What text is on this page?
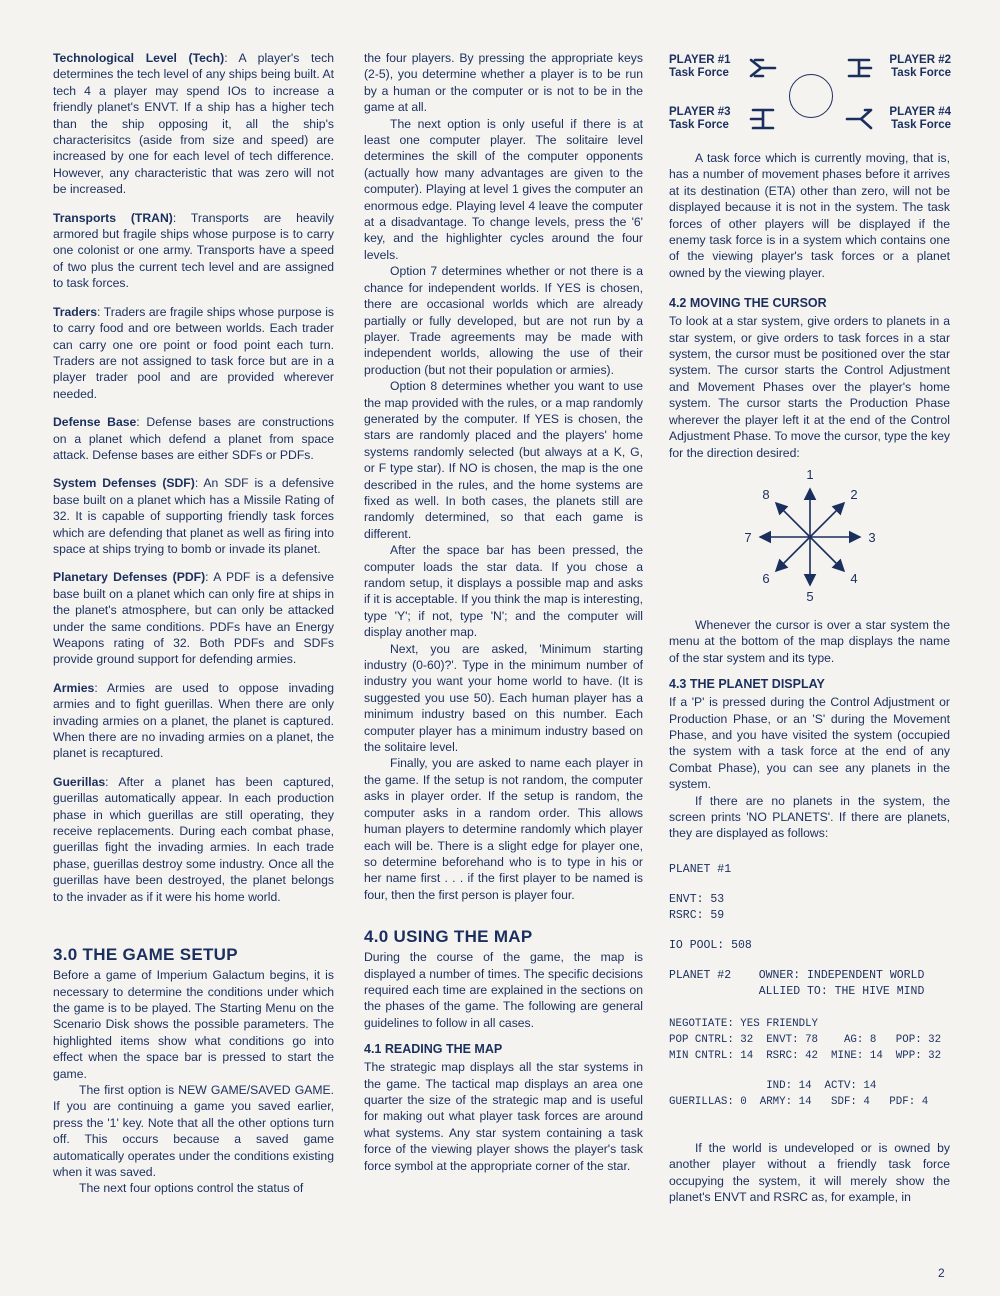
Technological Level (Tech): A player's tech determines the tech level of any ships being built. At tech 4 a player may spend IOs to increase a friendly planet's ENVT. If a ship has a higher tech than the ship opposing it, all the ship's characterisitcs (aside from size and speed) are increased by one for each level of tech difference. However, any characteristic that was zero will not be increased.

Transports (TRAN): Transports are heavily armored but fragile ships whose purpose is to carry one colonist or one army. Transports have a speed of two plus the current tech level and are assigned to task forces.

Traders: Traders are fragile ships whose purpose is to carry food and ore between worlds. Each trader can carry one ore point or food point each turn. Traders are not assigned to task force but are in a player trader pool and are provided wherever needed.

Defense Base: Defense bases are constructions on a planet which defend a planet from space attack. Defense bases are either SDFs or PDFs.

System Defenses (SDF): An SDF is a defensive base built on a planet which has a Missile Rating of 32. It is capable of supporting friendly task forces which are defending that planet as well as firing into space at ships trying to bomb or invade its planet.

Planetary Defenses (PDF): A PDF is a defensive base built on a planet which can only fire at ships in the planet's atmosphere, but can only be attacked under the same conditions. PDFs have an Energy Weapons rating of 32. Both PDFs and SDFs provide ground support for defending armies.

Armies: Armies are used to oppose invading armies and to fight guerillas. When there are only invading armies on a planet, the planet is captured. When there are no invading armies on a planet, the planet is recaptured.

Guerillas: After a planet has been captured, guerillas automatically appear. In each production phase in which guerillas are still operating, they receive replacements. During each combat phase, guerillas fight the invading armies. In each trade phase, guerillas destroy some industry. Once all the guerillas have been destroyed, the planet belongs to the invader as if it were his home world.

3.0 THE GAME SETUP

Before a game of Imperium Galactum begins, it is necessary to determine the conditions under which the game is to be played. The Starting Menu on the Scenario Disk shows the possible parameters. The highlighted items show what conditions go into effect when the space bar is pressed to start the game.

The first option is NEW GAME/SAVED GAME. If you are continuing a game you saved earlier, press the '1' key. Note that all the other options turn off. This occurs because a saved game automatically operates under the conditions existing when it was saved.

The next four options control the status of

the four players. By pressing the appropriate keys (2-5), you determine whether a player is to be run by a human or the computer or is not to be in the game at all.

The next option is only useful if there is at least one computer player. The solitaire level determines the skill of the computer opponents (actually how many advantages are given to the computer). Playing at level 1 gives the computer an enormous edge. Playing level 4 leave the computer at a disadvantage. To change levels, press the '6' key, and the highlighter cycles around the four levels.

Option 7 determines whether or not there is a chance for independent worlds. If YES is chosen, there are occasional worlds which are already partially or fully developed, but are not run by a player. Trade agreements may be made with independent worlds, allowing the use of their production (but not their population or armies).

Option 8 determines whether you want to use the map provided with the rules, or a map randomly generated by the computer. If YES is chosen, the stars are randomly placed and the players' home systems randomly selected (but always at a K, G, or F type star). If NO is chosen, the map is the one described in the rules, and the home systems are fixed as well. In both cases, the planets still are randomly determined, so that each game is different.

After the space bar has been pressed, the computer loads the star data. If you chose a random setup, it displays a possible map and asks if it is acceptable. If you think the map is interesting, type 'Y'; if not, type 'N'; and the computer will display another map.

Next, you are asked, 'Minimum starting industry (0-60)?'. Type in the minimum number of industry you want your home world to have. (It is suggested you use 50). Each human player has a minimum industry based on this number. Each computer player has a minimum industry based on the solitaire level.

Finally, you are asked to name each player in the game. If the setup is not random, the computer asks in player order. If the setup is random, the computer asks in a random order. This allows human players to determine randomly which player each will be. There is a slight edge for player one, so determine beforehand who is to type in his or her name first . . . if the first player to be named is four, then the first person is player four.

4.0 USING THE MAP

During the course of the game, the map is displayed a number of times. The specific decisions required each time are explained in the sections on the phases of the game. The following are general guidelines to follow in all cases.

4.1 READING THE MAP

The strategic map displays all the star systems in the game. The tactical map displays an area one quarter the size of the strategic map and is useful for making out what player task forces are around what systems. Any star system containing a task force of the viewing player shows the player's task force symbol at the appropriate corner of the star.

PLAYER #1
Task Force
PLAYER #2
Task Force
PLAYER #3
Task Force
PLAYER #4
Task Force

A task force which is currently moving, that is, has a number of movement phases before it arrives at its destination (ETA) other than zero, will not be displayed because it is not in the system. The task forces of other players will be displayed if the enemy task force is in a system which contains one of the viewing player's task forces or a planet owned by the viewing player.

4.2 MOVING THE CURSOR

To look at a star system, give orders to planets in a star system, or give orders to task forces in a star system, the cursor must be positioned over the star system. The cursor starts the Control Adjustment and Movement Phases over the player's home system. The cursor starts the Production Phase wherever the player left it at the end of the Control Adjustment Phase. To move the cursor, type the key for the direction desired:

1
2
3
4
5
6
7
8

Whenever the cursor is over a star system the menu at the bottom of the map displays the name of the star system and its type.

4.3 THE PLANET DISPLAY

If a 'P' is pressed during the Control Adjustment or Production Phase, or an 'S' during the Movement Phase, and you have visited the system (occupied the system with a task force at the end of any Combat Phase), you can see any planets in the system.

If there are no planets in the system, the screen prints 'NO PLANETS'. If there are planets, they are displayed as follows:

PLANET #1
ENVT: 53
RSRC: 59
IO POOL: 508
PLANET #2    OWNER: INDEPENDENT WORLD
ALLIED TO: THE HIVE MIND
NEGOTIATE: YES FRIENDLY
POP CNTRL: 32  ENVT: 78    AG: 8   POP: 32
MIN CNTRL: 14  RSRC: 42  MINE: 14  WPP: 32
IND: 14  ACTV: 14
GUERILLAS: 0  ARMY: 14   SDF: 4   PDF: 4

If the world is undeveloped or is owned by another player without a friendly task force occupying the system, it will merely show the planet's ENVT and RSRC as, for example, in

2
